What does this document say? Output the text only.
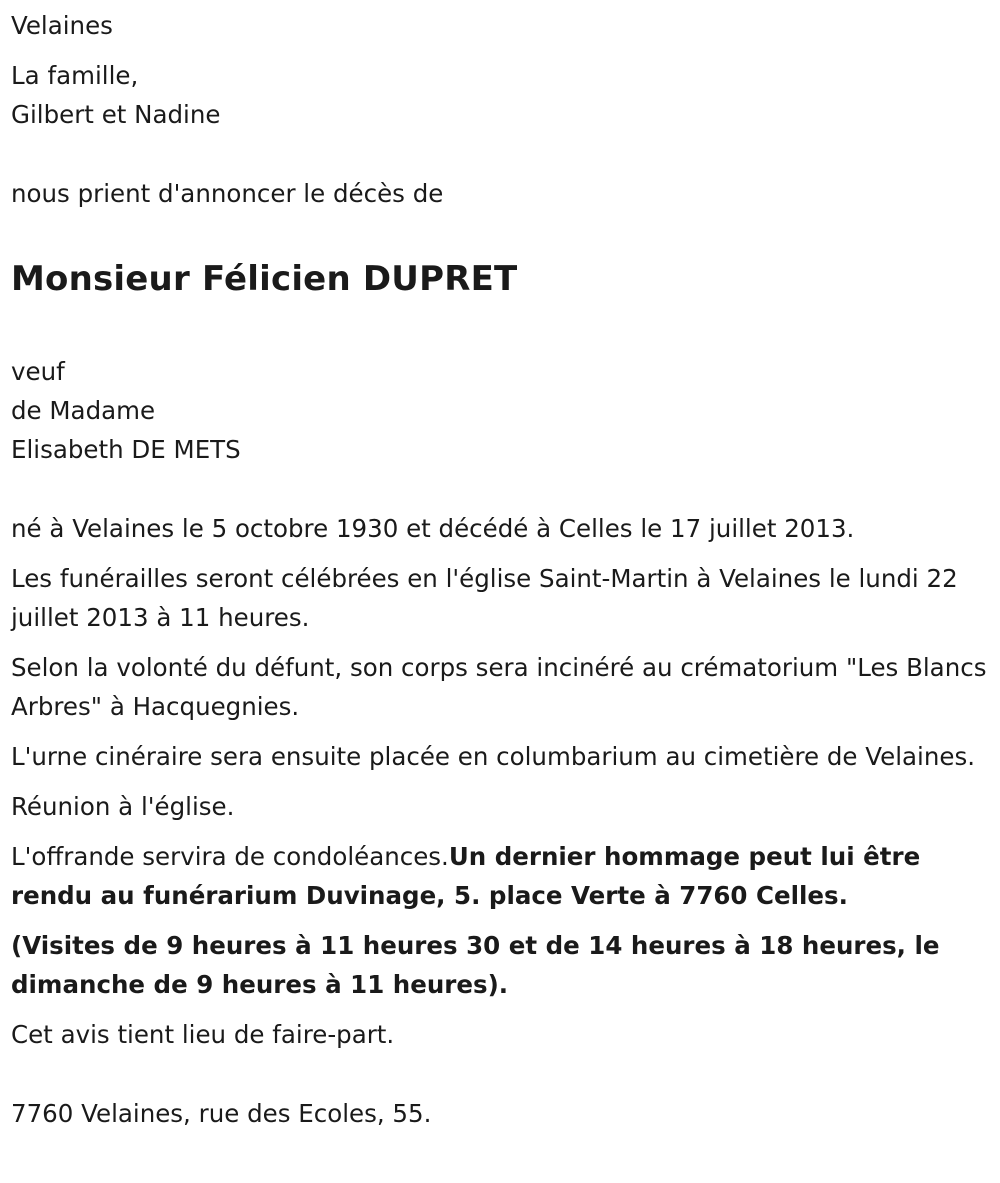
Velaines

La famille,

Gilbert et Nadine

nous prient d'annoncer le décès de

Monsieur Félicien DUPRET

veuf

de Madame

Elisabeth DE METS

né à Velaines le 5 octobre 1930 et décédé à Celles le 17 juillet 2013.

Les funérailles seront célébrées en l'église Saint-Martin à Velaines le lundi 22 juillet 2013 à 11 heures.

Selon la volonté du défunt, son corps sera incinéré au crématorium "Les Blancs Arbres" à Hacquegnies.

L'urne cinéraire sera ensuite placée en columbarium au cimetière de Velaines.

Réunion à l'église.

L'offrande servira de condoléances.Un dernier hommage peut lui être rendu au funérarium Duvinage, 5. place Verte à 7760 Celles.

(Visites de 9 heures à 11 heures 30 et de 14 heures à 18 heures, le dimanche de 9 heures à 11 heures).

Cet avis tient lieu de faire-part.

7760 Velaines, rue des Ecoles, 55.
